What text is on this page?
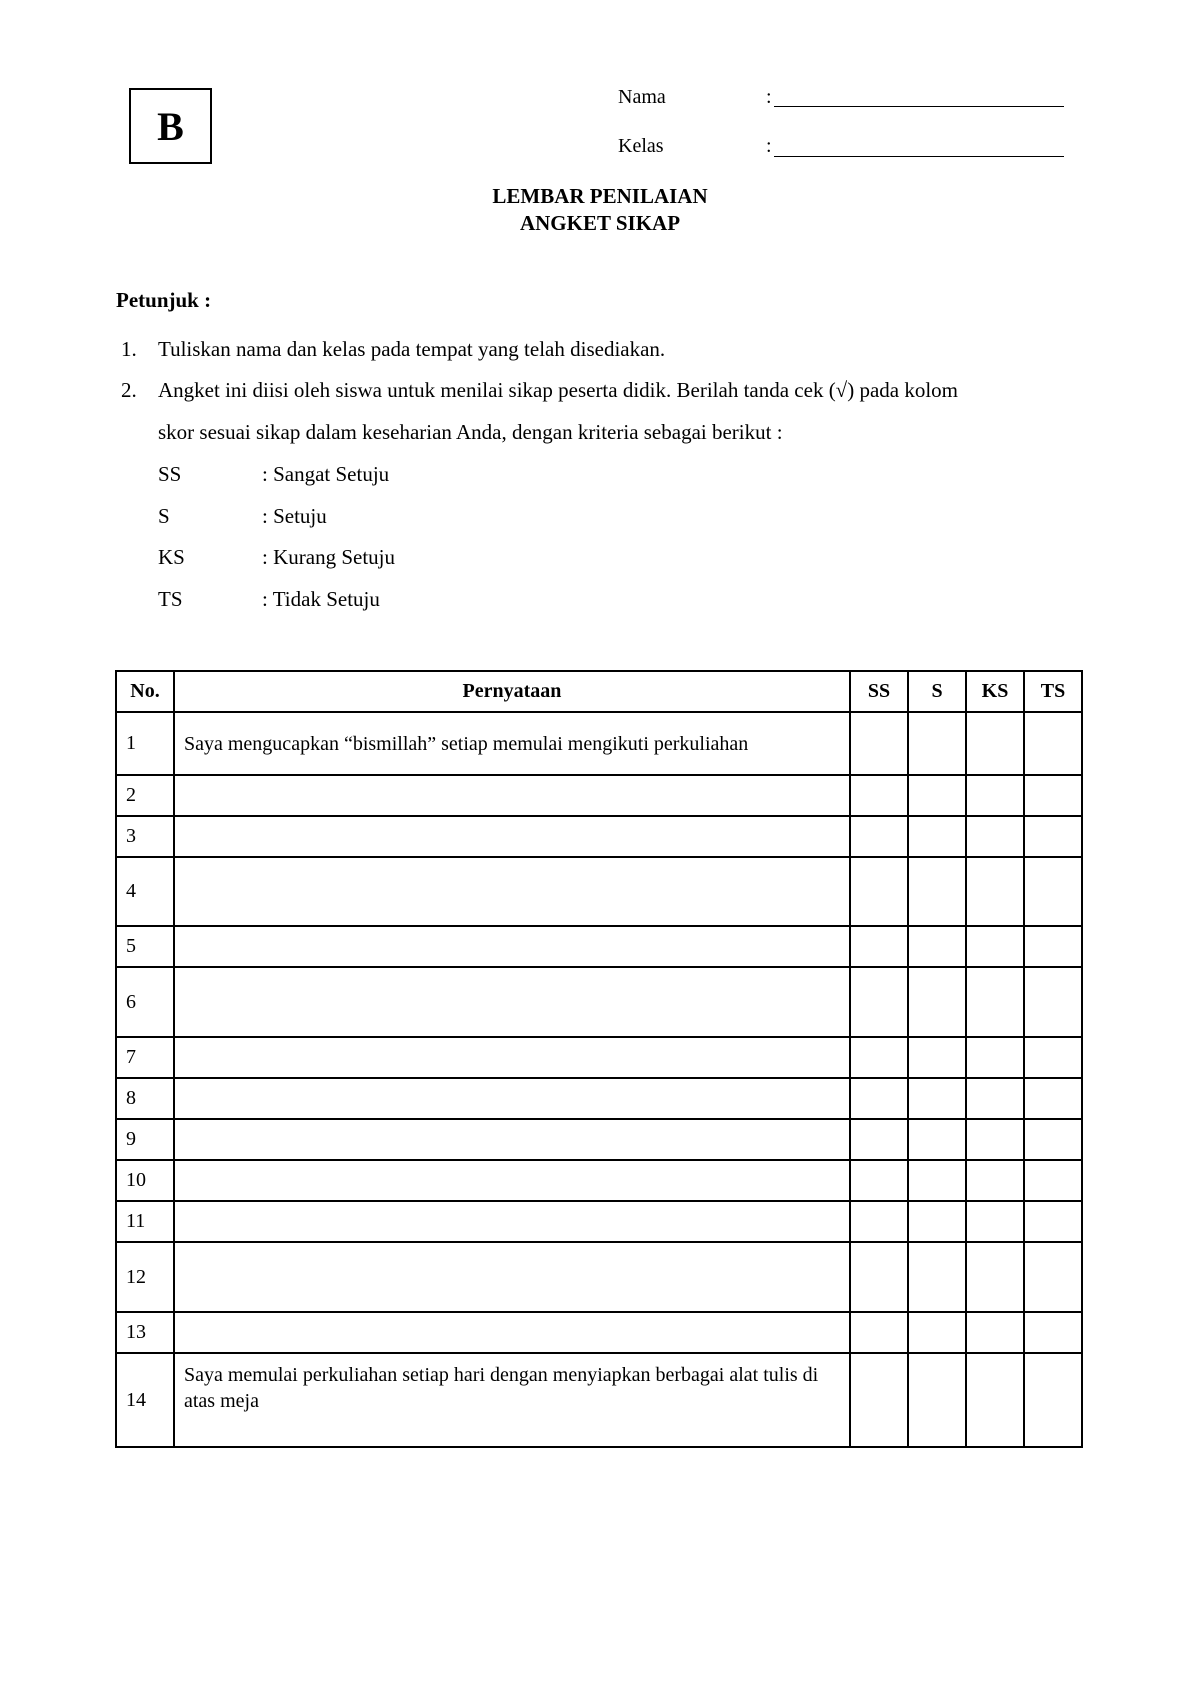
B
Nama	:
Kelas	:
LEMBAR PENILAIAN
ANGKET SIKAP
Petunjuk :
1. Tuliskan nama dan kelas pada tempat yang telah disediakan.
2. Angket ini diisi oleh siswa untuk menilai sikap peserta didik. Berilah tanda cek (√) pada kolom
skor sesuai sikap dalam keseharian Anda, dengan kriteria sebagai berikut :
SS	: Sangat Setuju
S	: Setuju
KS	: Kurang Setuju
TS	: Tidak Setuju
No.	Pernyataan	SS	S	KS	TS
1	Saya mengucapkan “bismillah” setiap memulai mengikuti perkuliahan				
2					
3					
4					
5					
6					
7					
8					
9					
10					
11					
12					
13					
14	Saya memulai perkuliahan setiap hari dengan menyiapkan berbagai alat tulis di atas meja				
